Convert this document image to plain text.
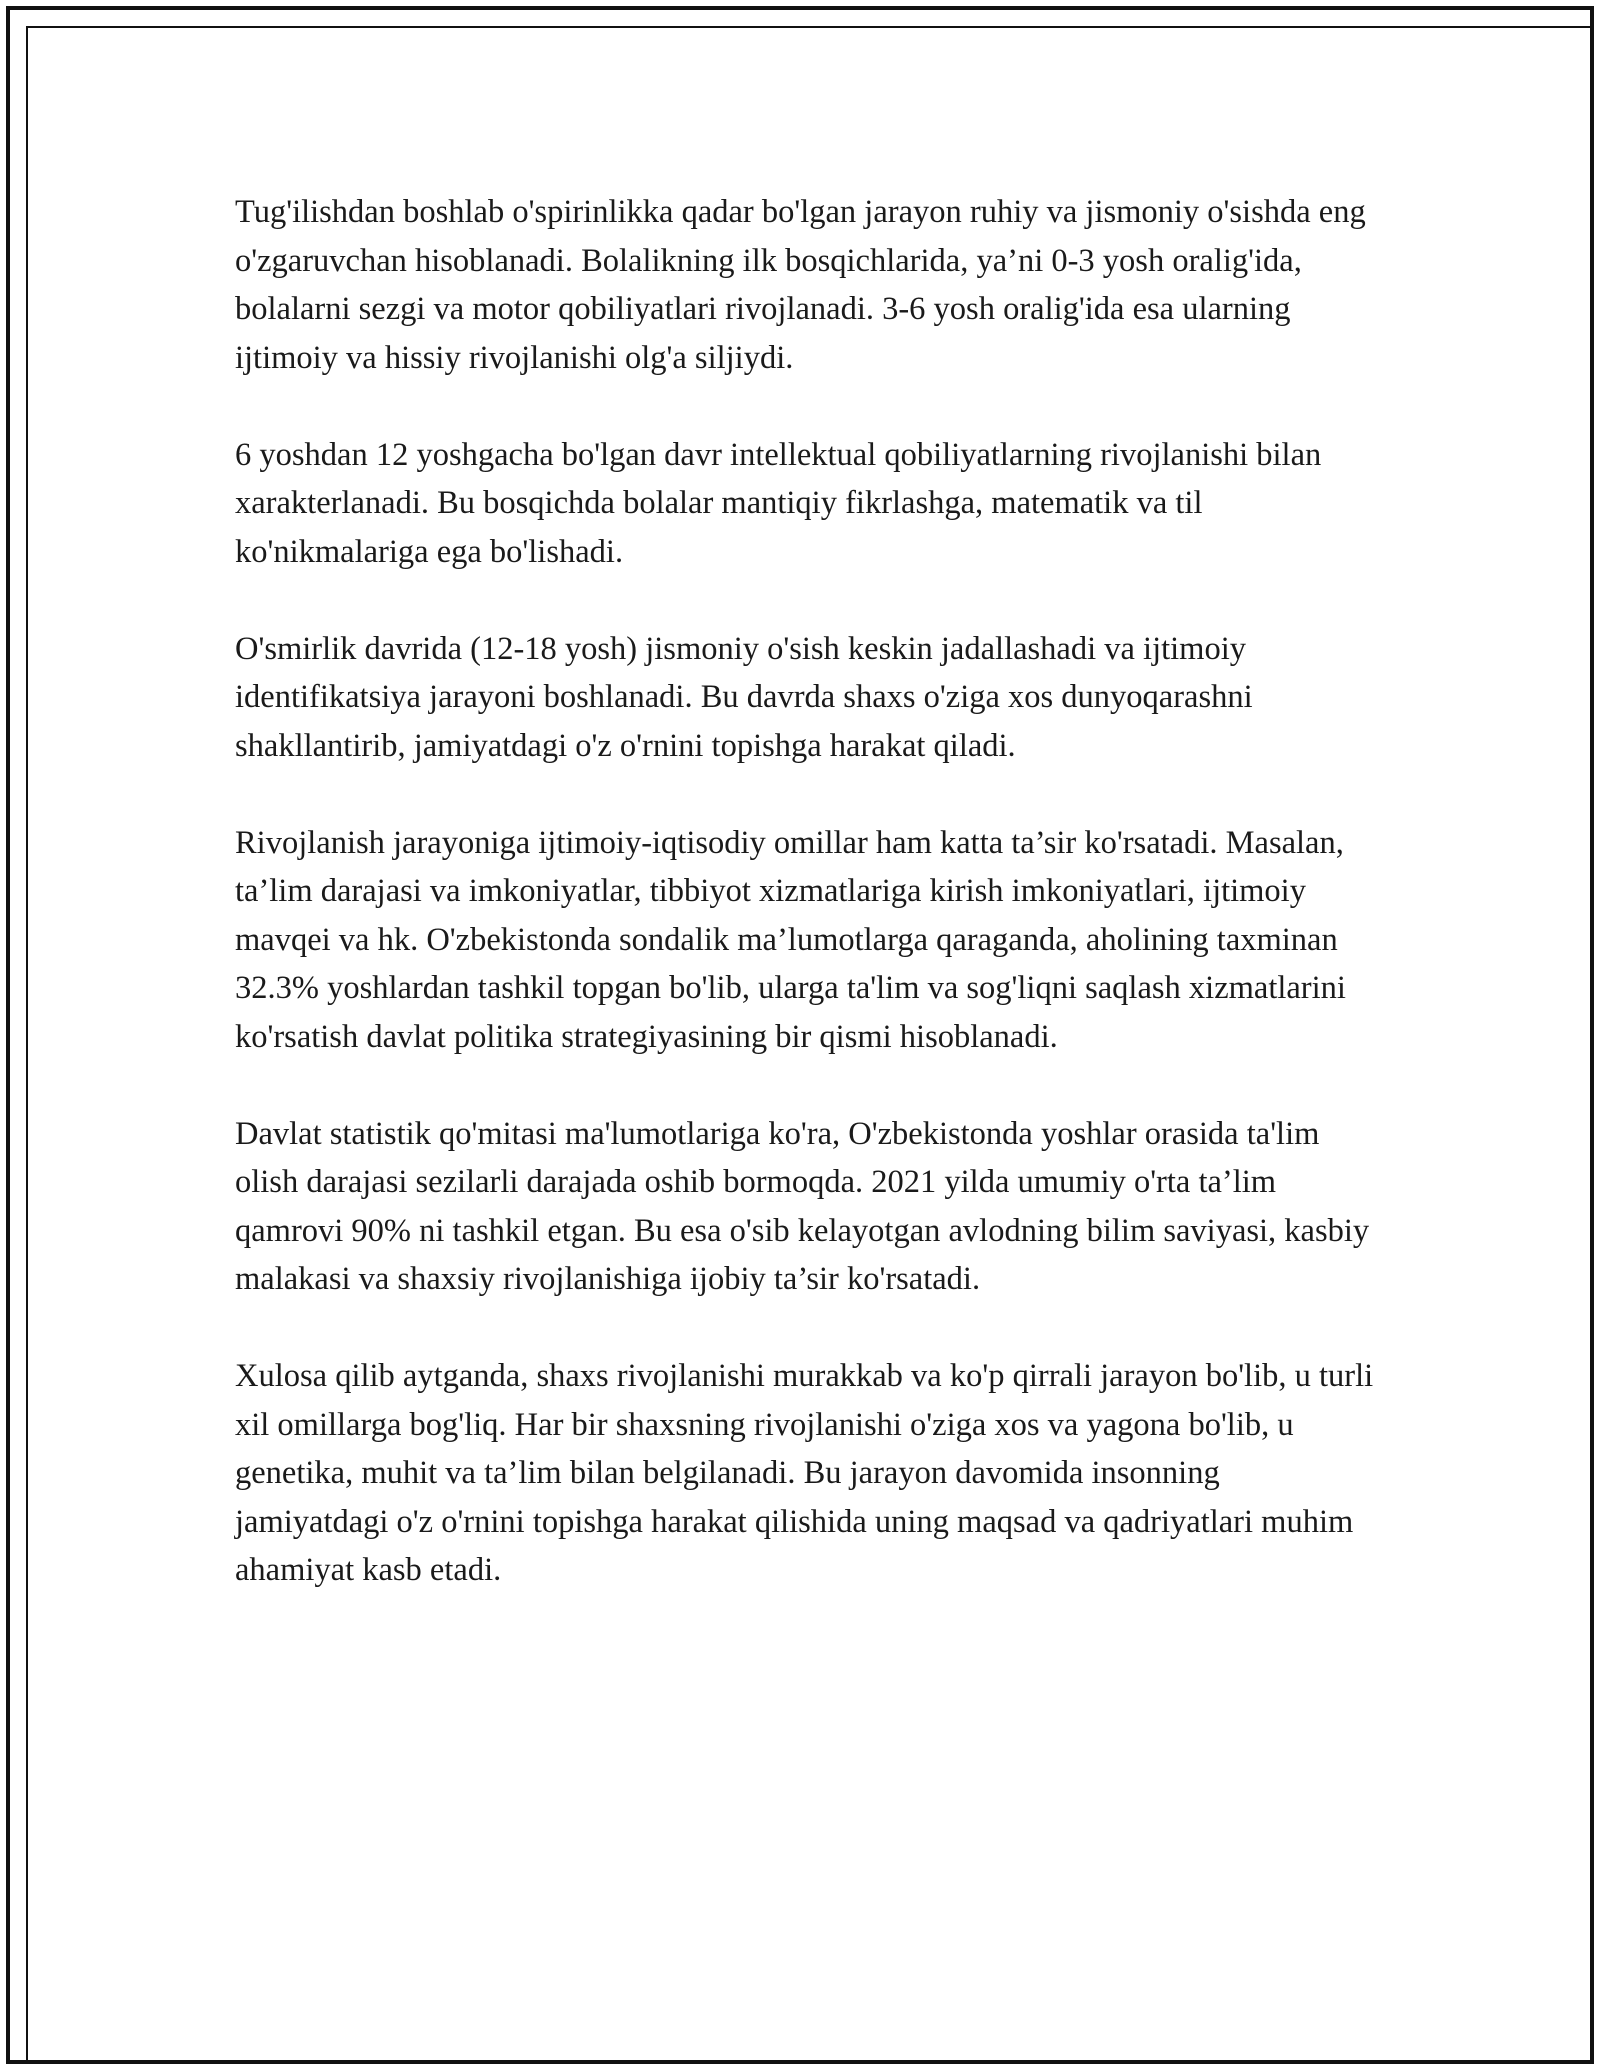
Tug'ilishdan boshlab o'spirinlikka qadar bo'lgan jarayon ruhiy va jismoniy o'sishda eng o'zgaruvchan hisoblanadi. Bolalikning ilk bosqichlarida, ya’ni 0-3 yosh oralig'ida, bolalarni sezgi va motor qobiliyatlari rivojlanadi. 3-6 yosh oralig'ida esa ularning ijtimoiy va hissiy rivojlanishi olg'a siljiydi.

6 yoshdan 12 yoshgacha bo'lgan davr intellektual qobiliyatlarning rivojlanishi bilan xarakterlanadi. Bu bosqichda bolalar mantiqiy fikrlashga, matematik va til ko'nikmalariga ega bo'lishadi.

O'smirlik davrida (12-18 yosh) jismoniy o'sish keskin jadallashadi va ijtimoiy identifikatsiya jarayoni boshlanadi. Bu davrda shaxs o'ziga xos dunyoqarashni shakllantirib, jamiyatdagi o'z o'rnini topishga harakat qiladi.

Rivojlanish jarayoniga ijtimoiy-iqtisodiy omillar ham katta ta’sir ko'rsatadi. Masalan, ta’lim darajasi va imkoniyatlar, tibbiyot xizmatlariga kirish imkoniyatlari, ijtimoiy mavqei va hk. O'zbekistonda sondalik ma’lumotlarga qaraganda, aholining taxminan 32.3% yoshlardan tashkil topgan bo'lib, ularga ta'lim va sog'liqni saqlash xizmatlarini ko'rsatish davlat politika strategiyasining bir qismi hisoblanadi.

Davlat statistik qo'mitasi ma'lumotlariga ko'ra, O'zbekistonda yoshlar orasida ta'lim olish darajasi sezilarli darajada oshib bormoqda. 2021 yilda umumiy o'rta ta’lim qamrovi 90% ni tashkil etgan. Bu esa o'sib kelayotgan avlodning bilim saviyasi, kasbiy malakasi va shaxsiy rivojlanishiga ijobiy ta’sir ko'rsatadi.

Xulosa qilib aytganda, shaxs rivojlanishi murakkab va ko'p qirrali jarayon bo'lib, u turli xil omillarga bog'liq. Har bir shaxsning rivojlanishi o'ziga xos va yagona bo'lib, u genetika, muhit va ta’lim bilan belgilanadi. Bu jarayon davomida insonning jamiyatdagi o'z o'rnini topishga harakat qilishida uning maqsad va qadriyatlari muhim ahamiyat kasb etadi.
